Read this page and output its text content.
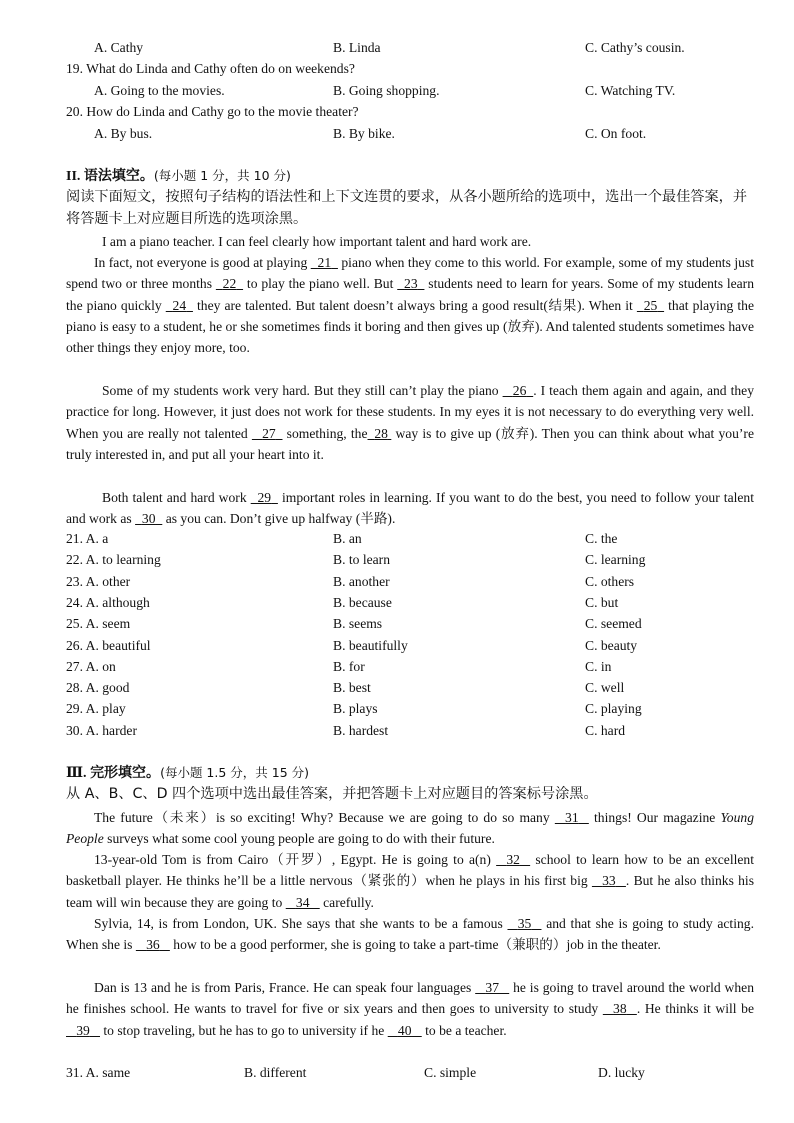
A. Cathy	B. Linda	C. Cathy’s cousin.
19. What do Linda and Cathy often do on weekends?
A. Going to the movies.	B. Going shopping.	C. Watching TV.
20. How do Linda and Cathy go to the movie theater?
A. By bus.	B. By bike.	C. On foot.
II. 语法填空。(每小题 1 分，共 10 分)
阅读下面短文，按照句子结构的语法性和上下文连贯的要求，从各小题所给的选项中，选出一个最佳答案，并将答题卡上对应题目所选的选项涂黑。
I am a piano teacher. I can feel clearly how important talent and hard work are.
In fact, not everyone is good at playing 21 piano when they come to this world. For example, some of my students just spend two or three months 22 to play the piano well. But 23 students need to learn for years. Some of my students learn the piano quickly 24 they are talented. But talent doesn’t always bring a good result(结果). When it 25 that playing the piano is easy to a student, he or she sometimes finds it boring and then gives up (放弃). And talented students sometimes have other things they enjoy more, too.
Some of my students work very hard. But they still can’t play the piano 26 . I teach them again and again, and they practice for long. However, it just does not work for these students. In my eyes it is not necessary to do everything very well. When you are really not talented 27 something, the 28 way is to give up (放弃). Then you can think about what you’re truly interested in, and put all your heart into it.
Both talent and hard work 29 important roles in learning. If you want to do the best, you need to follow your talent and work as 30 as you can. Don’t give up halfway (半路).
21. A. a	B. an	C. the
22. A. to learning	B. to learn	C. learning
23. A. other	B. another	C. others
24. A. although	B. because	C. but
25. A. seem	B. seems	C. seemed
26. A. beautiful	B. beautifully	C. beauty
27. A. on	B. for	C. in
28. A. good	B. best	C. well
29. A. play	B. plays	C. playing
30. A. harder	B. hardest	C. hard
Ⅲ. 完形填空。(每小题 1.5 分，共 15 分)
从 A、B、C、D 四个选项中选出最佳答案，并把答题卡上对应题目的答案标号涂黑。
The future（未来）is so exciting! Why? Because we are going to do so many 31 things! Our magazine Young People surveys what some cool young people are going to do with their future.
13-year-old Tom is from Cairo（开罗）, Egypt. He is going to a(n) 32 school to learn how to be an excellent basketball player. He thinks he’ll be a little nervous（紧张的）when he plays in his first big 33 . But he also thinks his team will win because they are going to 34 carefully.
Sylvia, 14, is from London, UK. She says that she wants to be a famous 35 and that she is going to study acting. When she is 36 how to be a good performer, she is going to take a part-time（兼职的）job in the theater.
Dan is 13 and he is from Paris, France. He can speak four languages 37 he is going to travel around the world when he finishes school. He wants to travel for five or six years and then goes to university to study 38 . He thinks it will be    39 to stop traveling, but he has to go to university if he 40 to be a teacher.
31. A. same	B. different	C. simple	D. lucky
